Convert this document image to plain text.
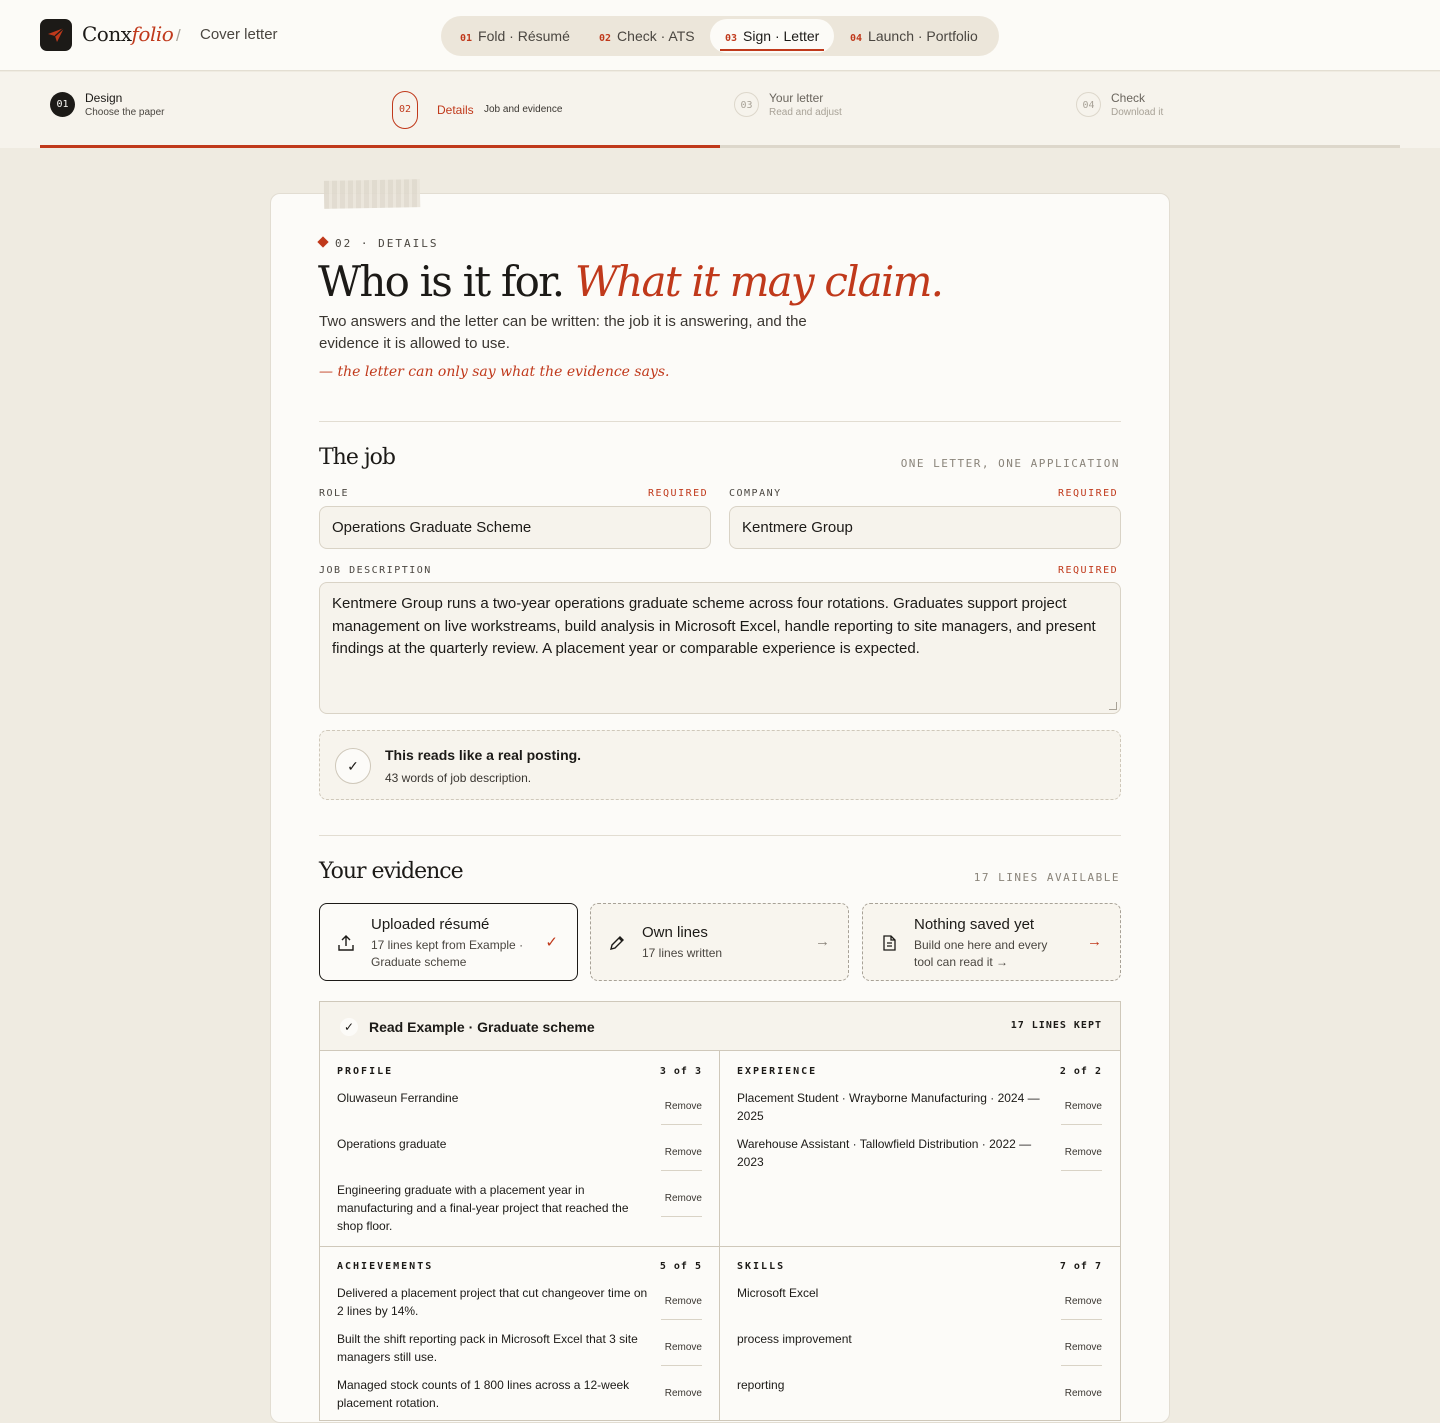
Conxfolio / Cover letter	01 Fold · Résumé	02 Check · ATS	03 Sign · Letter	04 Launch · Portfolio
01	Design
Choose the paper	02	Details Job and evidence	03
Your letter
Read and adjust
04
Check
Download it
02 · DETAILS
Who is it for. What it may claim.
Two answers and the letter can be written: the job it is answering, and the evidence it is allowed to use.
— the letter can only say what the evidence says.
The job	ONE LETTER, ONE APPLICATION
ROLE	REQUIRED
Operations Graduate Scheme
COMPANY	REQUIRED
Kentmere Group
JOB DESCRIPTION	REQUIRED
Kentmere Group runs a two-year operations graduate scheme across four rotations. Graduates support project management on live workstreams, build analysis in Microsoft Excel, handle reporting to site managers, and present findings at the quarterly review. A placement year or comparable experience is expected.
✓
This reads like a real posting.
43 words of job description.
Your evidence	17 LINES AVAILABLE
Uploaded résumé
17 lines kept from Example · Graduate scheme
✓
Own lines
17 lines written
→
Nothing saved yet
Build one here and every tool can read it →
→
✓ Read Example · Graduate scheme	17 LINES KEPT
PROFILE	3 of 3
Oluwaseun Ferrandine
Remove
Operations graduate
Remove
Engineering graduate with a placement year in manufacturing and a final-year project that reached the shop floor.
Remove
EXPERIENCE	2 of 2
Placement Student · Wrayborne Manufacturing · 2024 — 2025
Remove
Warehouse Assistant · Tallowfield Distribution · 2022 — 2023
Remove
ACHIEVEMENTS	5 of 5
Delivered a placement project that cut changeover time on 2 lines by 14%.
Remove
Built the shift reporting pack in Microsoft Excel that 3 site managers still use.
Remove
Managed stock counts of 1 800 lines across a 12-week placement rotation.
Remove
SKILLS	7 of 7
Microsoft Excel
Remove
process improvement
Remove
reporting
Remove
